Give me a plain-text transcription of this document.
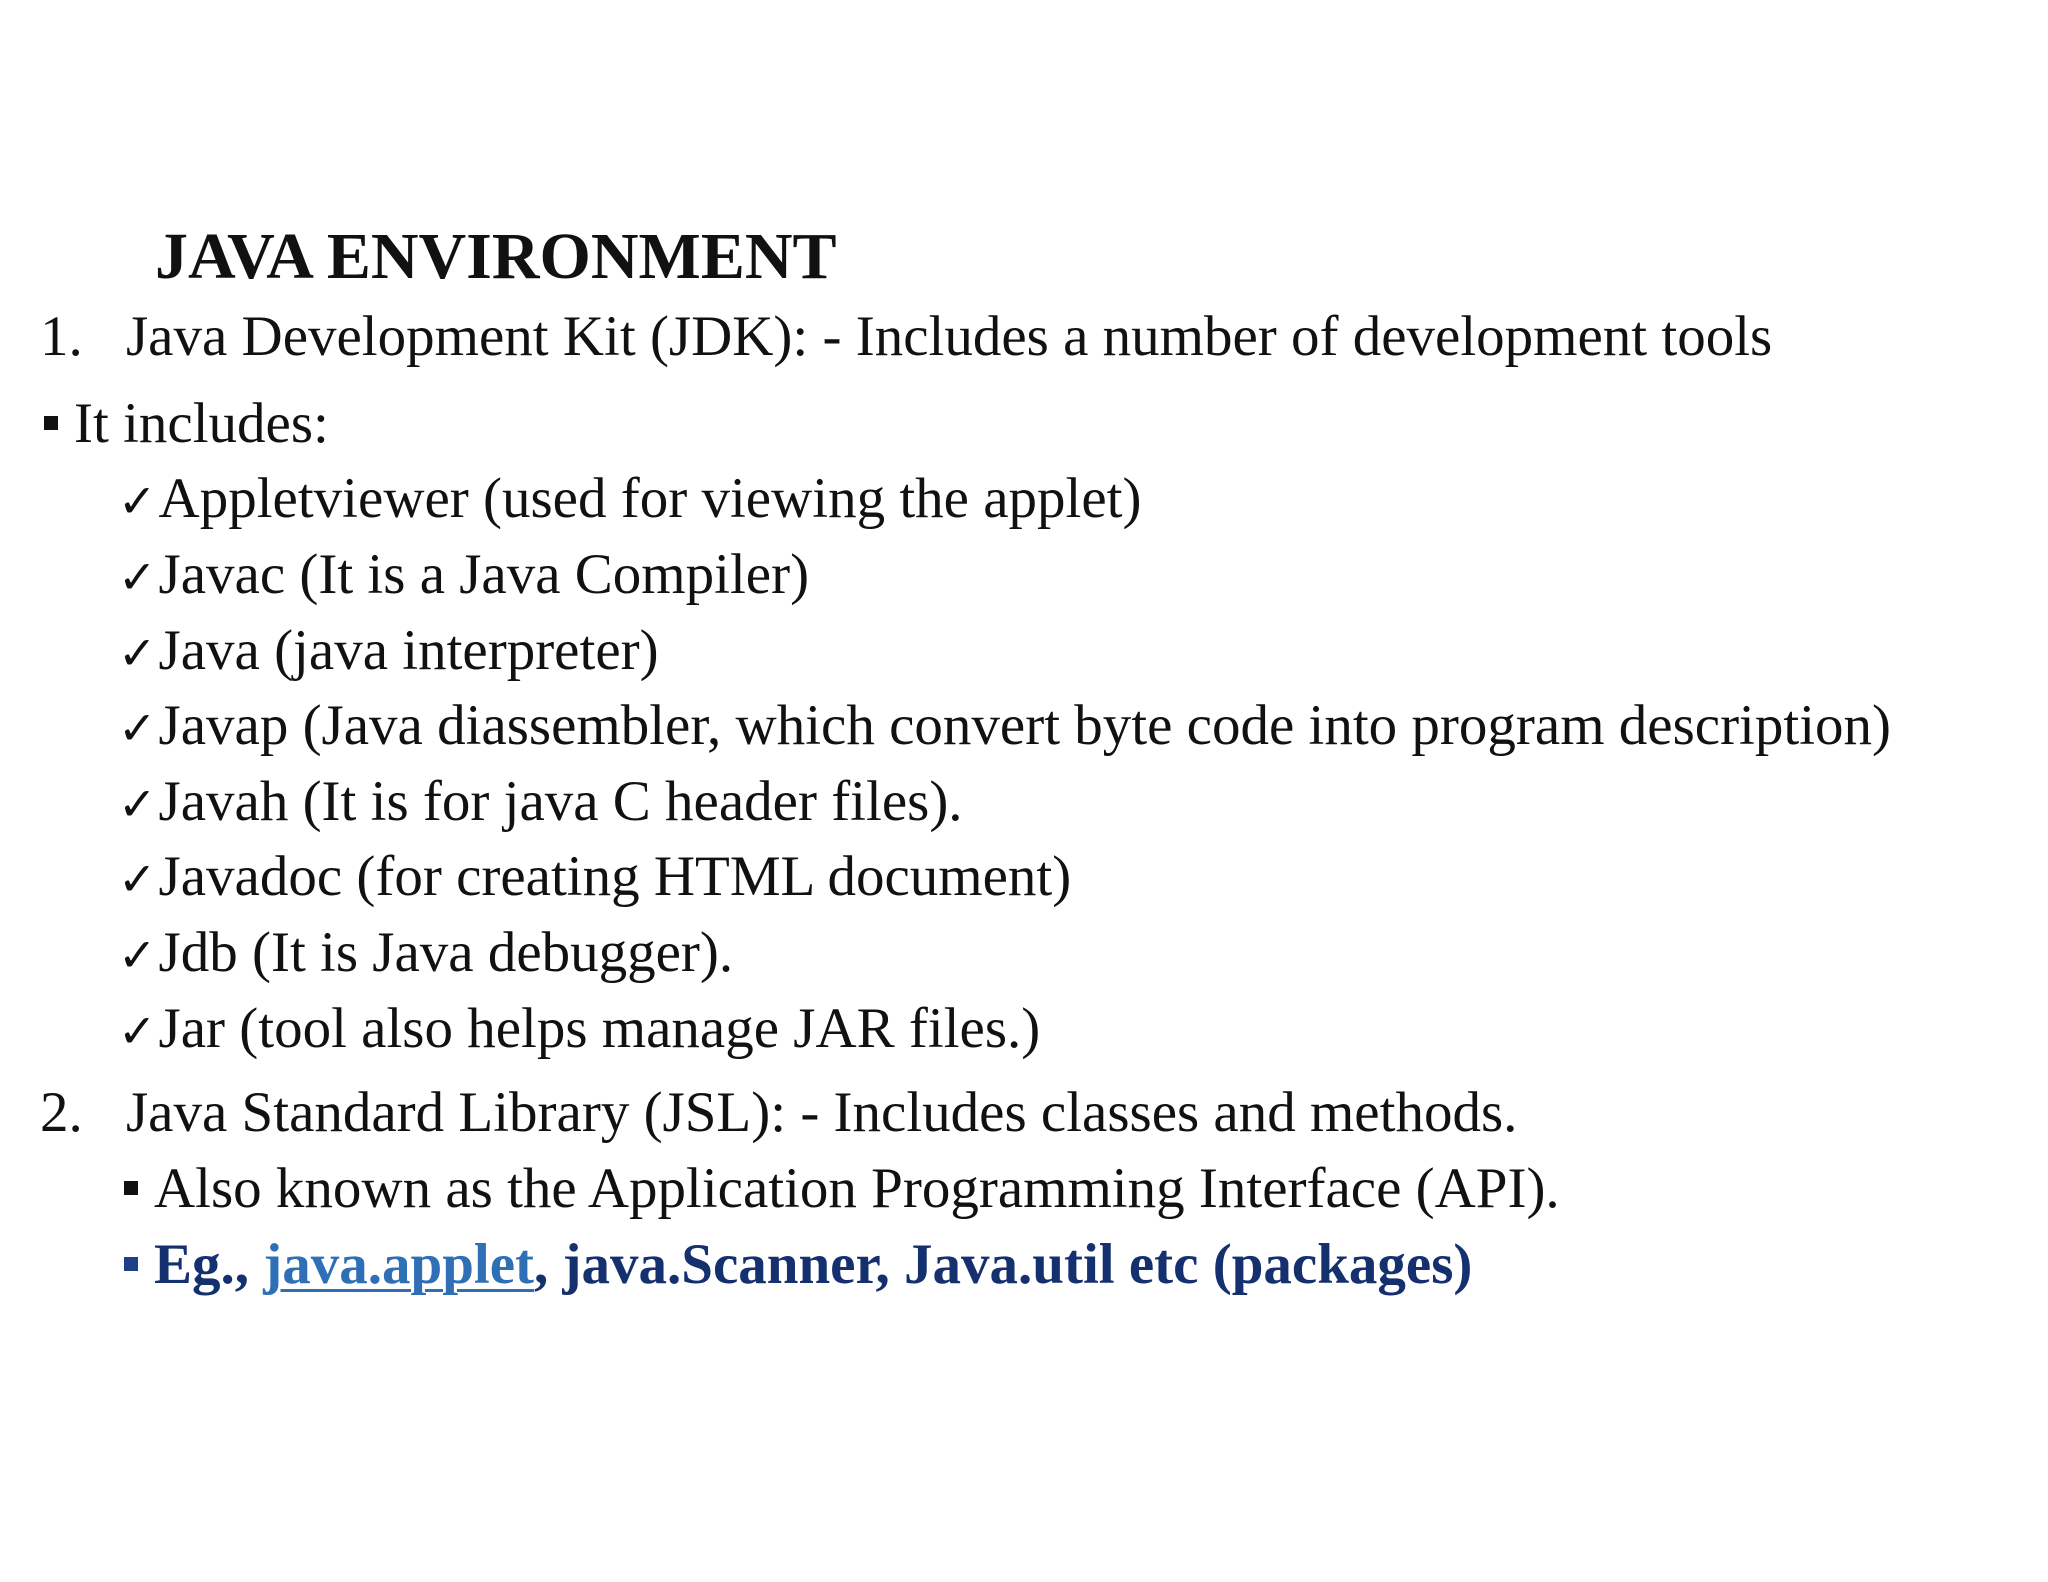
JAVA ENVIRONMENT
1. Java Development Kit (JDK): - Includes a number of development tools
It includes:
✓Appletviewer (used for viewing the applet)
✓Javac (It is a Java Compiler)
✓Java (java interpreter)
✓Javap (Java diassembler, which convert byte code into program description)
✓Javah (It is for java C header files).
✓Javadoc (for creating HTML document)
✓Jdb (It is Java debugger).
✓Jar (tool also helps manage JAR files.)
2. Java Standard Library (JSL): - Includes classes and methods.
Also known as the Application Programming Interface (API).
Eg., java.applet, java.Scanner, Java.util etc (packages)
